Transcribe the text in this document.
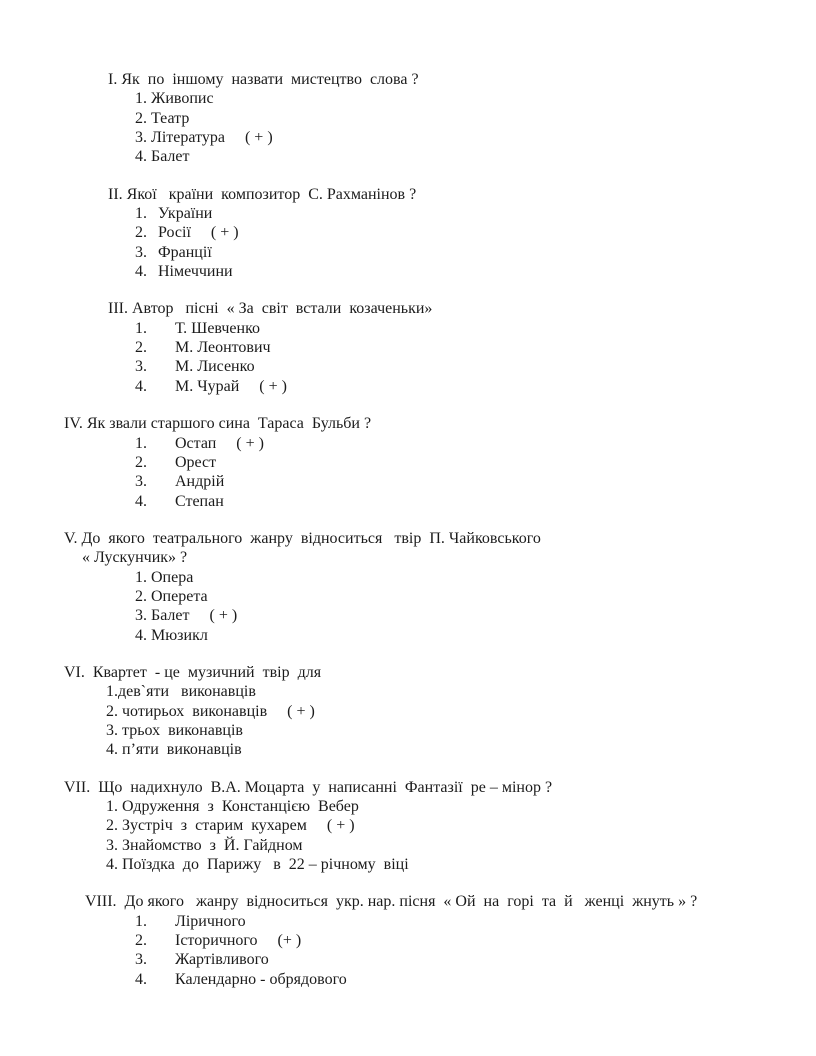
І. Як  по  іншому  назвати  мистецтво  слова ?
1. Живопис
2. Театр
3. Література ( + )
4. Балет
ІІ. Якої   країни  композитор  С. Рахманінов ?
1. України
2. Росії ( + )
3. Франції
4. Німеччини
ІІІ. Автор   пісні  « За  світ  встали  козаченьки»
1. Т. Шевченко
2. М. Леонтович
3. М. Лисенко
4. М. Чурай ( + )
IV. Як звали старшого сина  Тараса  Бульби ?
1. Остап ( + )
2. Орест
3. Андрій
4. Степан
V. До  якого  театрального  жанру  відноситься   твір  П. Чайковського
« Лускунчик» ?
1. Опера
2. Оперета
3. Балет ( + )
4. Мюзикл
VI.  Квартет  - це  музичний  твір  для
1.дев`яти   виконавців
2. чотирьох  виконавців ( + )
3. трьох  виконавців
4. п’яти  виконавців
VII.  Що  надихнуло  В.А. Моцарта  у  написанні  Фантазії  ре – мінор ?
1. Одруження  з  Констанцією  Вебер
2. Зустріч  з  старим  кухарем ( + )
3. Знайомство  з  Й. Гайдном
4. Поїздка  до  Парижу   в  22 – річному  віці
VIII.  До якого   жанру  відноситься  укр. нар. пісня  « Ой  на  горі  та  й   женці  жнуть » ?
1. Ліричного
2. Історичного (+ )
3. Жартівливого
4. Календарно - обрядового
